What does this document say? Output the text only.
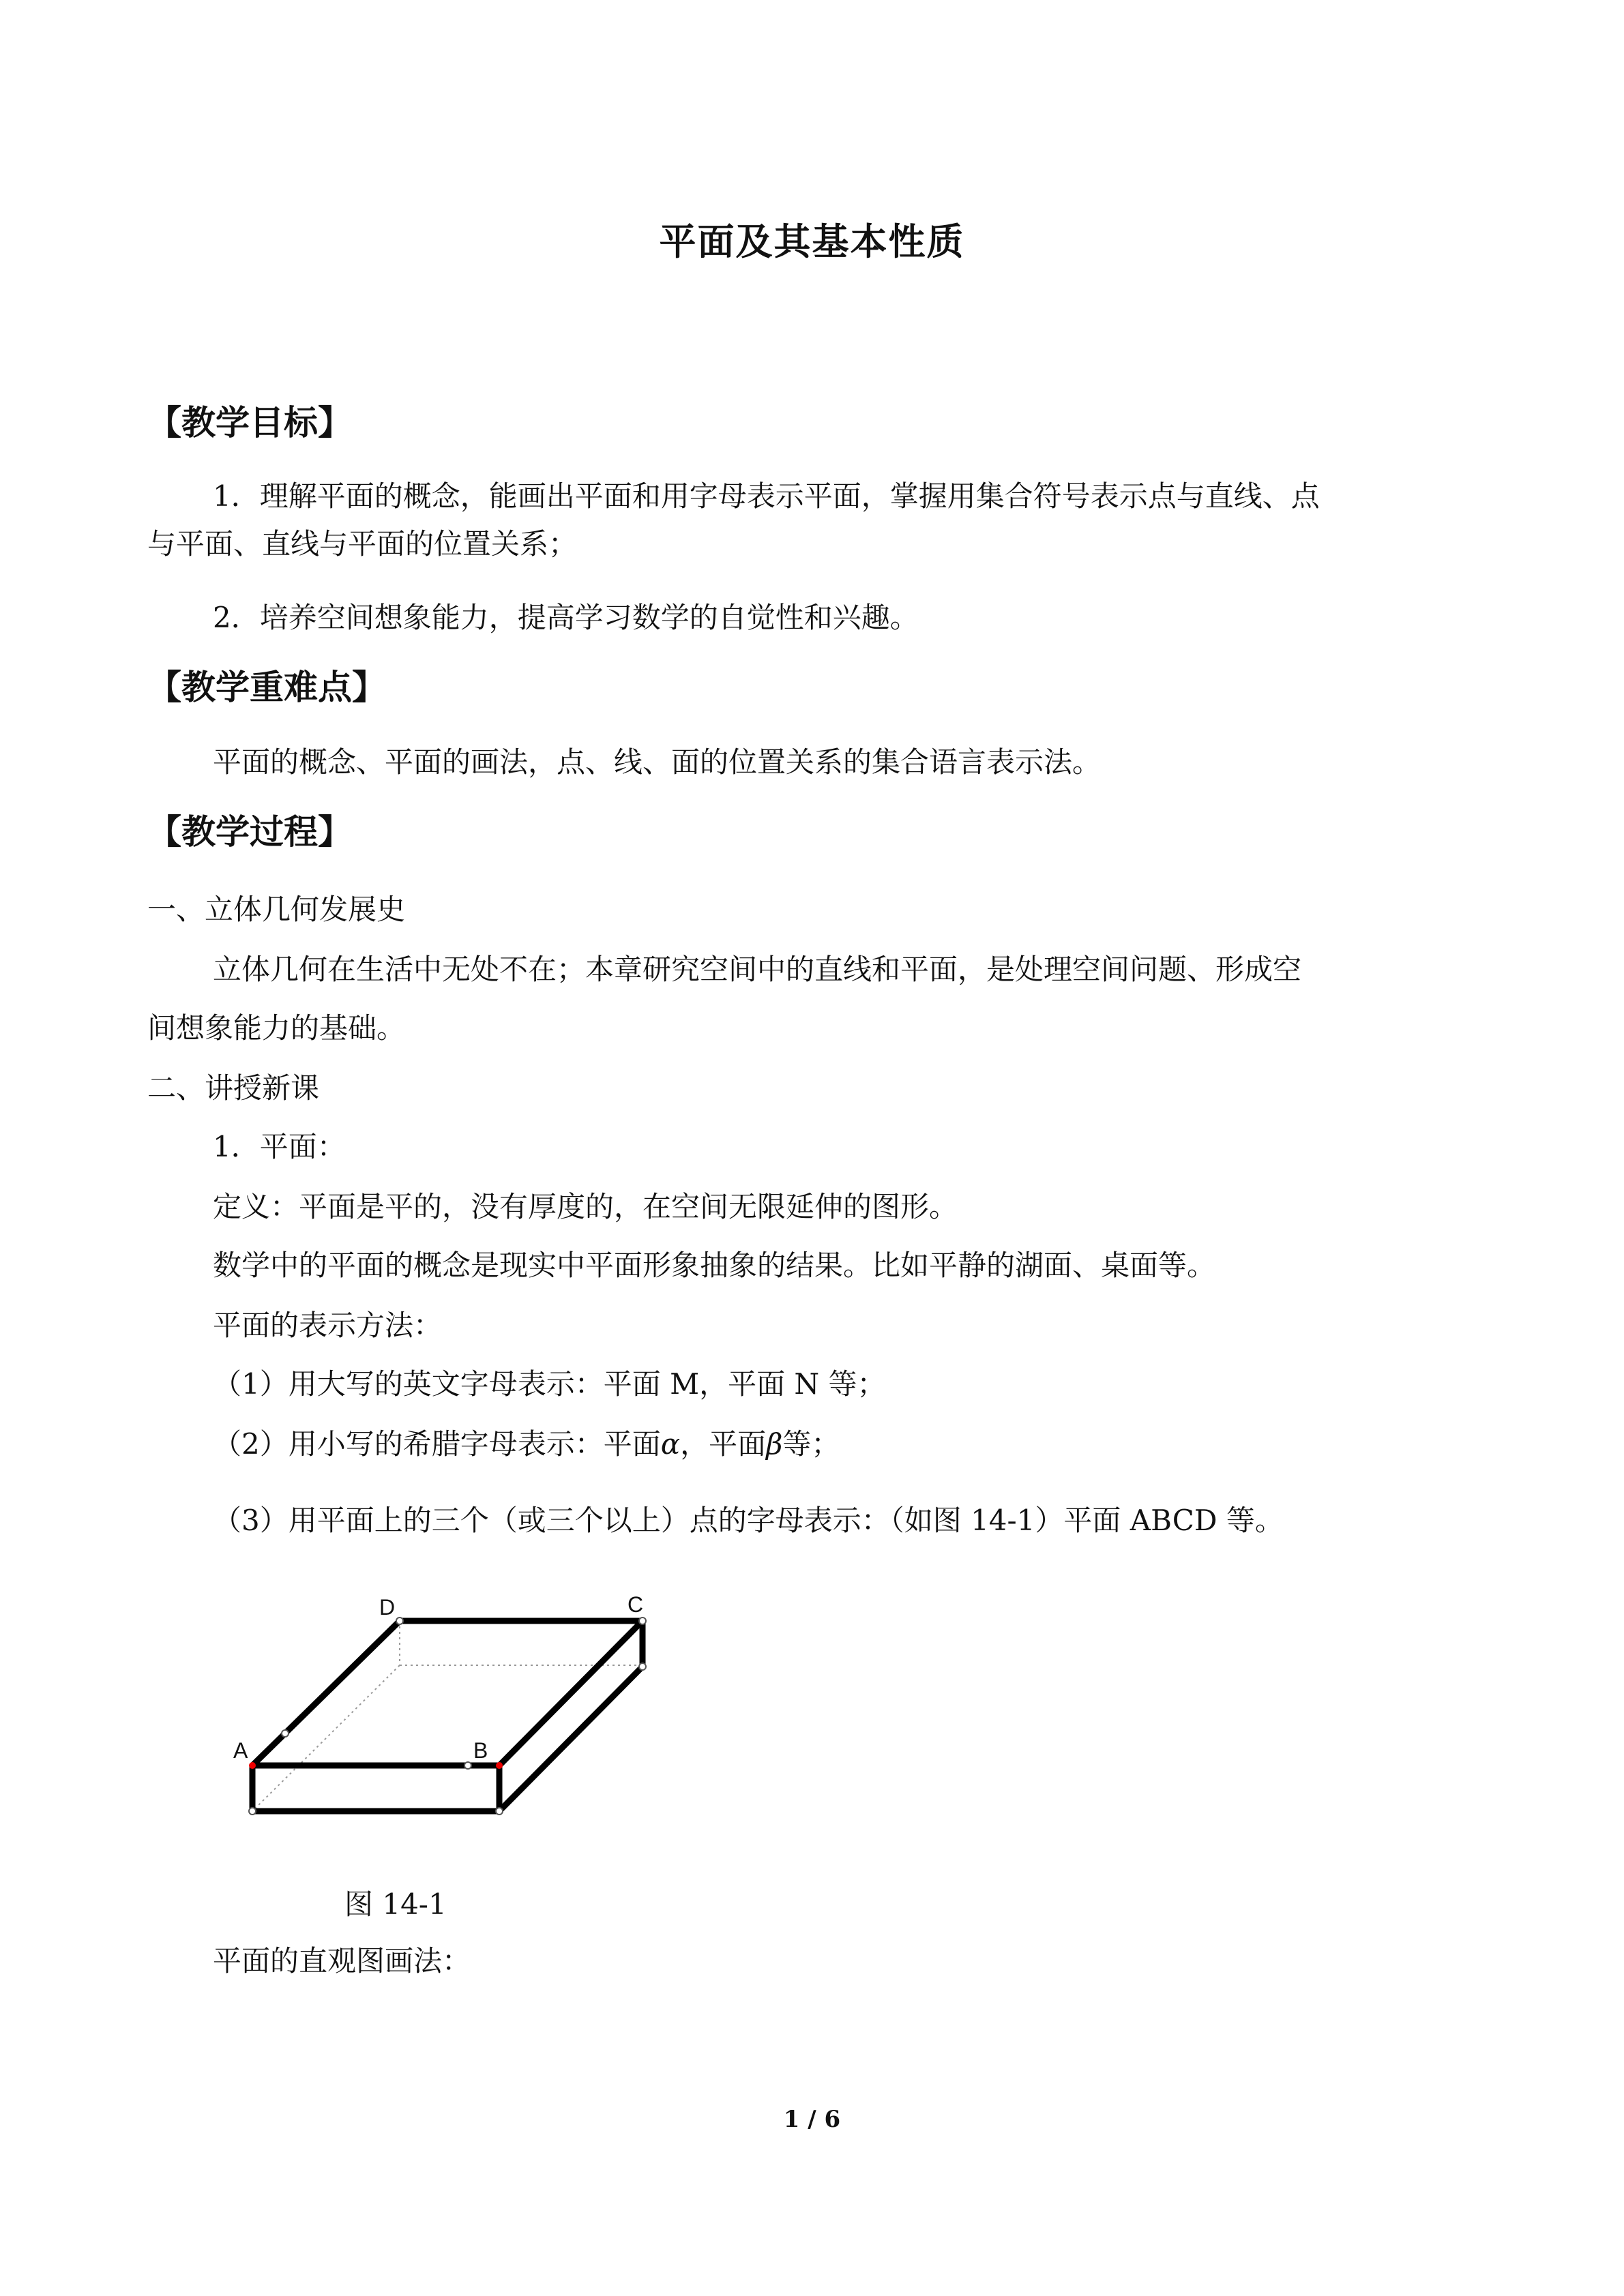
平面及其基本性质
【教学目标】
1．理解平面的概念，能画出平面和用字母表示平面，掌握用集合符号表示点与直线、点
与平面、直线与平面的位置关系；
2．培养空间想象能力，提高学习数学的自觉性和兴趣。
【教学重难点】
平面的概念、平面的画法，点、线、面的位置关系的集合语言表示法。
【教学过程】
一、立体几何发展史
立体几何在生活中无处不在；本章研究空间中的直线和平面，是处理空间问题、形成空
间想象能力的基础。
二、讲授新课
1．平面：
定义：平面是平的，没有厚度的，在空间无限延伸的图形。
数学中的平面的概念是现实中平面形象抽象的结果。比如平静的湖面、桌面等。
平面的表示方法：
（1）用大写的英文字母表示：平面 M，平面 N 等；
（2）用小写的希腊字母表示：平面α，平面β等；
（3）用平面上的三个（或三个以上）点的字母表示：（如图 14-1）平面 ABCD 等。
A	B
C
D
图 14-1
平面的直观图画法：
1 / 6
